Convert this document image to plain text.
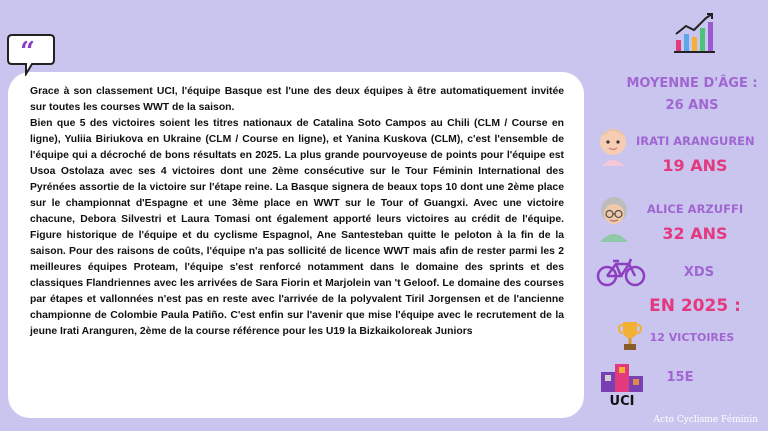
“

Grace à son classement UCI, l'équipe Basque est l'une des deux équipes à être automatiquement invitée sur toutes les courses WWT de la saison.

Bien que 5 des victoires soient les titres nationaux de Catalina Soto Campos au Chili (CLM / Course en ligne), Yuliia Biriukova en Ukraine (CLM / Course en ligne), et Yanina Kuskova (CLM), c'est l'ensemble de l'équipe qui a décroché de bons résultats en 2025. La plus grande pourvoyeuse de points pour l'équipe est Usoa Ostolaza avec ses 4 victoires dont une 2ème consécutive sur le Tour Féminin International des Pyrénées assortie de la victoire sur l'étape reine. La Basque signera de beaux tops 10 dont une 2ème place sur le championnat d'Espagne et une 3ème place en WWT sur le Tour of Guangxi. Avec une victoire chacune, Debora Silvestri et Laura Tomasi ont également apporté leurs victoires au crédit de l'équipe. Figure historique de l'équipe et du cyclisme Espagnol, Ane Santesteban quitte le peloton à la fin de la saison. Pour des raisons de coûts, l'équipe n'a pas sollicité de licence WWT mais afin de rester parmi les 2 meilleures équipes Proteam, l'équipe s'est renforcé notamment dans le domaine des sprints et des classiques Flandriennes avec les arrivées de Sara Fiorin et Marjolein van 't Geloof. Le domaine des courses par étapes et vallonnées n'est pas en reste avec l'arrivée de la polyvalent Tiril Jorgensen et de l'ancienne championne de Colombie Paula Patiño. C'est enfin sur l'avenir que mise l'équipe avec le recrutement de la jeune Irati Aranguren, 2ème de la course référence pour les U19 la Bizkaikoloreak Juniors

MOYENNE D'ÂGE :
26 ANS
IRATI ARANGUREN
19 ANS
ALICE ARZUFFI
32 ANS
XDS
EN 2025 :
12 VICTOIRES
UCI
15E
Acto Cyclisme Féminin
